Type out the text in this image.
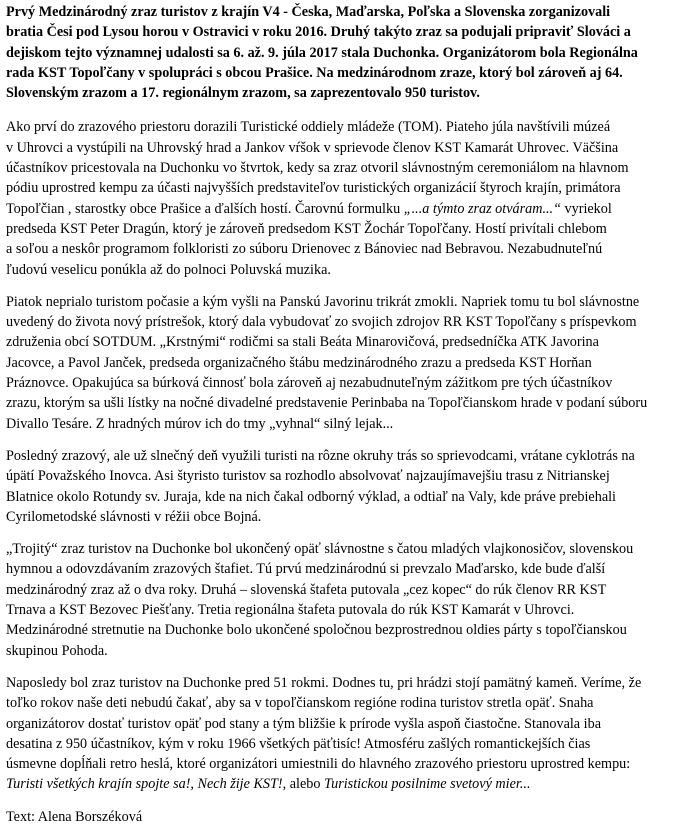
Prvý Medzinárodný zraz turistov z krajín V4 - Česka, Maďarska, Poľska a Slovenska zorganizovali
bratia Česi pod Lysou horou v Ostravici v roku 2016. Druhý takýto zraz sa podujali pripraviť Slováci a
dejiskom tejto významnej udalosti sa 6. až. 9. júla 2017 stala Duchonka. Organizátorom bola Regionálna
rada KST Topoľčany v spolupráci s obcou Prašice. Na medzinárodnom zraze, ktorý bol zároveň aj 64.
Slovenským zrazom a 17. regionálnym zrazom, sa zaprezentovalo 950 turistov.
Ako prví do zrazového priestoru dorazili Turistické oddiely mládeže (TOM). Piateho júla navštívili múzeá
v Uhrovci a vystúpili na Uhrovský hrad a Jankov vŕšok v sprievode členov KST Kamarát Uhrovec. Väčšina
účastníkov pricestovala na Duchonku vo štvrtok, kedy sa zraz otvoril slávnostným ceremoniálom na hlavnom
pódiu uprostred kempu za účasti najvyšších predstaviteľov turistických organizácií štyroch krajín, primátora
Topoľčian , starostky obce Prašice a ďalších hostí. Čarovnú formulku „...a týmto zraz otváram...“ vyriekol
predseda KST Peter Dragún, ktorý je zároveň predsedom KST Žochár Topoľčany. Hostí privítali chlebom
a soľou a neskôr programom folkloristi zo súboru Drienovec z Bánoviec nad Bebravou. Nezabudnuteľnú
ľudovú veselicu ponúkla až do polnoci Poluvská muzika.
Piatok neprialo turistom počasie a kým vyšli na Panskú Javorinu trikrát zmokli. Napriek tomu tu bol slávnostne
uvedený do života nový prístrešok, ktorý dala vybudovať zo svojich zdrojov RR KST Topoľčany s príspevkom
združenia obcí SOTDUM. „Krstnými“ rodičmi sa stali Beáta Minarovičová, predsedníčka ATK Javorina
Jacovce, a Pavol Janček, predseda organizačného štábu medzinárodného zrazu a predseda KST Horňan
Práznovce. Opakujúca sa búrková činnosť bola zároveň aj nezabudnuteľným zážitkom pre tých účastníkov
zrazu, ktorým sa ušli lístky na nočné divadelné predstavenie Perinbaba na Topoľčianskom hrade v podaní súboru
Divallo Tesáre. Z hradných múrov ich do tmy „vyhnal“ silný lejak...
Posledný zrazový, ale už slnečný deň využili turisti na rôzne okruhy trás so sprievodcami, vrátane cyklotrás na
úpätí Považského Inovca. Asi štyristo turistov sa rozhodlo absolvovať najzaujímavejšiu trasu z Nitrianskej
Blatnice okolo Rotundy sv. Juraja, kde na nich čakal odborný výklad, a odtiaľ na Valy, kde práve prebiehali
Cyrilometodské slávnosti v réžii obce Bojná.
„Trojitý“ zraz turistov na Duchonke bol ukončený opäť slávnostne s čatou mladých vlajkonosičov, slovenskou
hymnou a odovzdávaním zrazových štafiet. Tú prvú medzinárodnú si prevzalo Maďarsko, kde bude ďalší
medzinárodný zraz až o dva roky. Druhá – slovenská štafeta putovala „cez kopec“ do rúk členov RR KST
Trnava a KST Bezovec Piešťany. Tretia regionálna štafeta putovala do rúk KST Kamarát v Uhrovci.
Medzinárodné stretnutie na Duchonke bolo ukončené spoločnou bezprostrednou oldies párty s topoľčianskou
skupinou Pohoda.
Naposledy bol zraz turistov na Duchonke pred 51 rokmi. Dodnes tu, pri hrádzi stojí pamätný kameň. Veríme, že
toľko rokov naše deti nebudú čakať, aby sa v topoľčianskom regióne rodina turistov stretla opäť. Snaha
organizátorov dostať turistov opäť pod stany a tým bližšie k prírode vyšla aspoň čiastočne. Stanovala iba
desatina z 950 účastníkov, kým v roku 1966 všetkých päťtisíc! Atmosféru zašlých romantickejších čias
úsmevne dopĺňali retro heslá, ktoré organizátori umiestnili do hlavného zrazového priestoru uprostred kempu:
Turisti všetkých krajín spojte sa!, Nech žije KST!, alebo Turistickou posilnime svetový mier...
Text: Alena Borszéková
